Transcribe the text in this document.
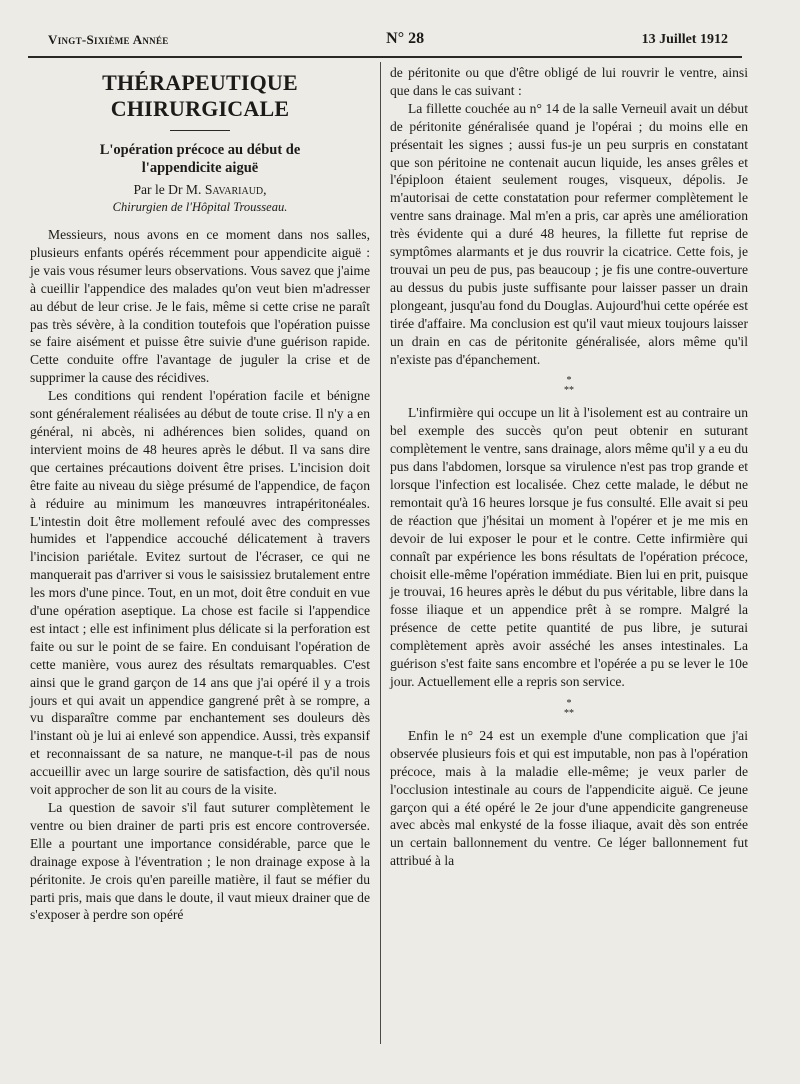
Vingt-Sixième Année	N° 28	13 Juillet 1912
THÉRAPEUTIQUE CHIRURGICALE
L'opération précoce au début de
l'appendicite aiguë
Par le Dr M. Savariaud,
Chirurgien de l'Hôpital Trousseau.

Messieurs, nous avons en ce moment dans nos salles, plusieurs enfants opérés récemment pour appendicite aiguë : je vais vous résumer leurs observations. Vous savez que j'aime à cueillir l'appendice des malades qu'on veut bien m'adresser au début de leur crise. Je le fais, même si cette crise ne paraît pas très sévère, à la condition toutefois que l'opération puisse se faire aisément et puisse être suivie d'une guérison rapide. Cette conduite offre l'avantage de juguler la crise et de supprimer la cause des récidives.

Les conditions qui rendent l'opération facile et bénigne sont généralement réalisées au début de toute crise. Il n'y a en général, ni abcès, ni adhérences bien solides, quand on intervient moins de 48 heures après le début. Il va sans dire que certaines précautions doivent être prises. L'incision doit être faite au niveau du siège présumé de l'appendice, de façon à réduire au minimum les manœuvres intrapéritonéales. L'intestin doit être mollement refoulé avec des compresses humides et l'appendice accouché délicatement à travers l'incision pariétale. Evitez surtout de l'écraser, ce qui ne manquerait pas d'arriver si vous le saisissiez brutalement entre les mors d'une pince. Tout, en un mot, doit être conduit en vue d'une opération aseptique. La chose est facile si l'appendice est intact ; elle est infiniment plus délicate si la perforation est faite ou sur le point de se faire. En conduisant l'opération de cette manière, vous aurez des résultats remarquables. C'est ainsi que le grand garçon de 14 ans que j'ai opéré il y a trois jours et qui avait un appendice gangrené prêt à se rompre, a vu disparaître comme par enchantement ses douleurs dès l'instant où je lui ai enlevé son appendice. Aussi, très expansif et reconnaissant de sa nature, ne manque-t-il pas de nous accueillir avec un large sourire de satisfaction, dès qu'il nous voit approcher de son lit au cours de la visite.

La question de savoir s'il faut suturer complètement le ventre ou bien drainer de parti pris est encore controversée. Elle a pourtant une importance considérable, parce que le drainage expose à l'éventration ; le non drainage expose à la péritonite. Je crois qu'en pareille matière, il faut se méfier du parti pris, mais que dans le doute, il vaut mieux drainer que de s'exposer à perdre son opéré

de péritonite ou que d'être obligé de lui rouvrir le ventre, ainsi que dans le cas suivant :

La fillette couchée au n° 14 de la salle Verneuil avait un début de péritonite généralisée quand je l'opérai ; du moins elle en présentait les signes ; aussi fus-je un peu surpris en constatant que son péritoine ne contenait aucun liquide, les anses grêles et l'épiploon étaient seulement rouges, visqueux, dépolis. Je m'autorisai de cette constatation pour refermer complètement le ventre sans drainage. Mal m'en a pris, car après une amélioration très évidente qui a duré 48 heures, la fillette fut reprise de symptômes alarmants et je dus rouvrir la cicatrice. Cette fois, je trouvai un peu de pus, pas beaucoup ; je fis une contre-ouverture au dessus du pubis juste suffisante pour laisser passer un drain plongeant, jusqu'au fond du Douglas. Aujourd'hui cette opérée est tirée d'affaire. Ma conclusion est qu'il vaut mieux toujours laisser un drain en cas de péritonite généralisée, alors même qu'il n'existe pas d'épanchement.

*
**

L'infirmière qui occupe un lit à l'isolement est au contraire un bel exemple des succès qu'on peut obtenir en suturant complètement le ventre, sans drainage, alors même qu'il y a eu du pus dans l'abdomen, lorsque sa virulence n'est pas trop grande et lorsque l'infection est localisée. Chez cette malade, le début ne remontait qu'à 16 heures lorsque je fus consulté. Elle avait si peu de réaction que j'hésitai un moment à l'opérer et je me mis en devoir de lui exposer le pour et le contre. Cette infirmière qui connaît par expérience les bons résultats de l'opération précoce, choisit elle-même l'opération immédiate. Bien lui en prit, puisque je trouvai, 16 heures après le début du pus véritable, libre dans la fosse iliaque et un appendice prêt à se rompre. Malgré la présence de cette petite quantité de pus libre, je suturai complètement après avoir asséché les anses intestinales. La guérison s'est faite sans encombre et l'opérée a pu se lever le 10e jour. Actuellement elle a repris son service.

*
**

Enfin le n° 24 est un exemple d'une complication que j'ai observée plusieurs fois et qui est imputable, non pas à l'opération précoce, mais à la maladie elle-même; je veux parler de l'occlusion intestinale au cours de l'appendicite aiguë. Ce jeune garçon qui a été opéré le 2e jour d'une appendicite gangreneuse avec abcès mal enkysté de la fosse iliaque, avait dès son entrée un certain ballonnement du ventre. Ce léger ballonnement fut attribué à la
